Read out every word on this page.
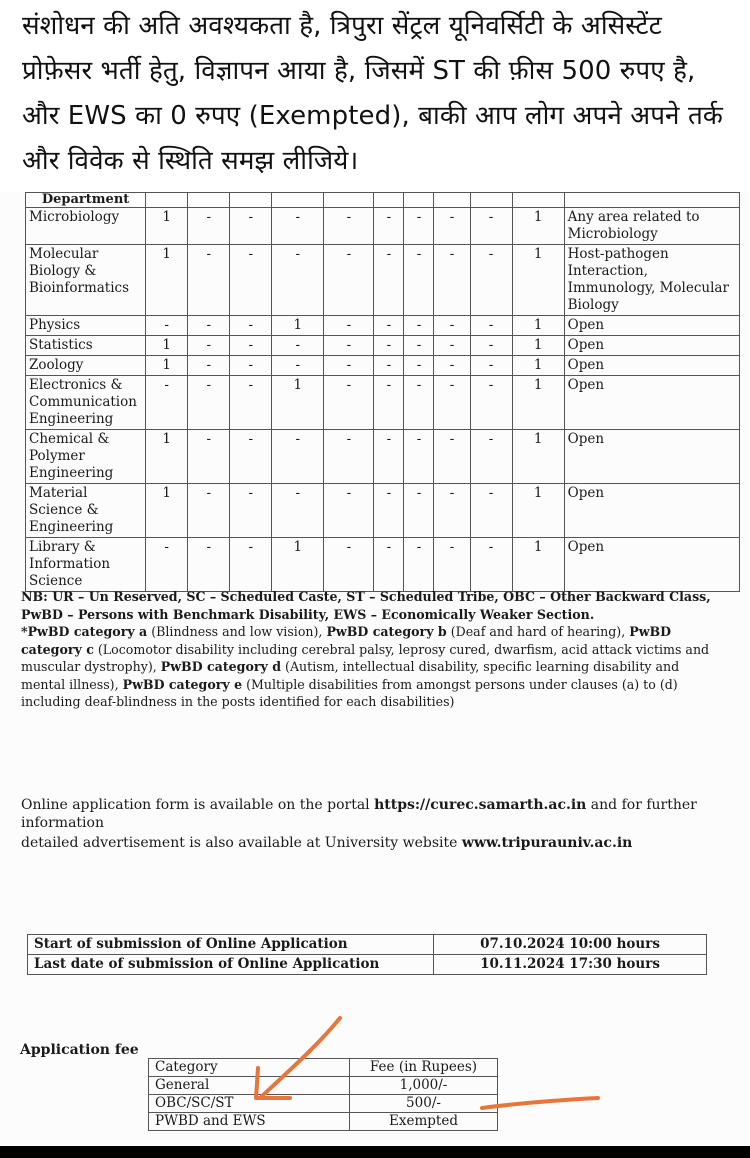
संशोधन की अति अवश्यकता है, त्रिपुरा सेंट्रल यूनिवर्सिटी के असिस्टेंट प्रोफ़ेसर भर्ती हेतु, विज्ञापन आया है, जिसमें ST की फ़ीस 500 रुपए है, और EWS का 0 रुपए (Exempted), बाकी आप लोग अपने अपने तर्क और विवेक से स्थिति समझ लीजिये।
Department											
Microbiology	1	-	-	-	-	-	-	-	-	1	Any area related to Microbiology
Molecular Biology & Bioinformatics	1	-	-	-	-	-	-	-	-	1	Host-pathogen Interaction, Immunology, Molecular Biology
Physics	-	-	-	1	-	-	-	-	-	1	Open
Statistics	1	-	-	-	-	-	-	-	-	1	Open
Zoology	1	-	-	-	-	-	-	-	-	1	Open
Electronics & Communication Engineering	-	-	-	1	-	-	-	-	-	1	Open
Chemical & Polymer Engineering	1	-	-	-	-	-	-	-	-	1	Open
Material Science & Engineering	1	-	-	-	-	-	-	-	-	1	Open
Library & Information Science	-	-	-	1	-	-	-	-	-	1	Open
NB: UR – Un Reserved, SC – Scheduled Caste, ST – Scheduled Tribe, OBC – Other Backward Class, PwBD – Persons with Benchmark Disability, EWS – Economically Weaker Section.
*PwBD category a (Blindness and low vision), PwBD category b (Deaf and hard of hearing), PwBD category c (Locomotor disability including cerebral palsy, leprosy cured, dwarfism, acid attack victims and muscular dystrophy), PwBD category d (Autism, intellectual disability, specific learning disability and mental illness), PwBD category e (Multiple disabilities from amongst persons under clauses (a) to (d) including deaf-blindness in the posts identified for each disabilities)
Online application form is available on the portal https://curec.samarth.ac.in and for further information
detailed advertisement is also available at University website www.tripurauniv.ac.in
Start of submission of Online Application	07.10.2024 10:00 hours
Last date of submission of Online Application	10.11.2024 17:30 hours
Application fee
Category	Fee (in Rupees)
General	1,000/-
OBC/SC/ST	500/-
PWBD and EWS	Exempted
